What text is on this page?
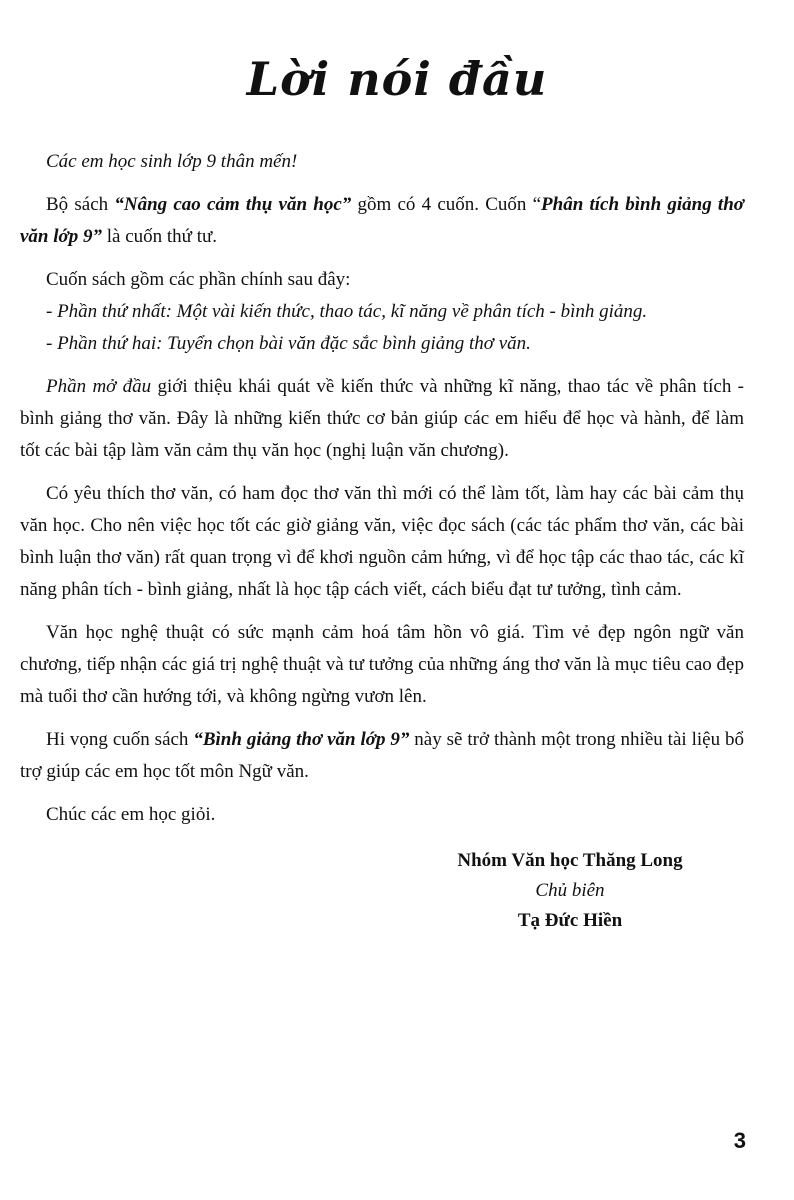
Lời nói đầu

Các em học sinh lớp 9 thân mến!

Bộ sách “Nâng cao cảm thụ văn học” gồm có 4 cuốn. Cuốn “Phân tích bình giảng thơ văn lớp 9” là cuốn thứ tư.

Cuốn sách gồm các phần chính sau đây:

- Phần thứ nhất: Một vài kiến thức, thao tác, kĩ năng về phân tích - bình giảng.

- Phần thứ hai: Tuyển chọn bài văn đặc sắc bình giảng thơ văn.

Phần mở đầu giới thiệu khái quát về kiến thức và những kĩ năng, thao tác về phân tích - bình giảng thơ văn. Đây là những kiến thức cơ bản giúp các em hiểu để học và hành, để làm tốt các bài tập làm văn cảm thụ văn học (nghị luận văn chương).

Có yêu thích thơ văn, có ham đọc thơ văn thì mới có thể làm tốt, làm hay các bài cảm thụ văn học. Cho nên việc học tốt các giờ giảng văn, việc đọc sách (các tác phẩm thơ văn, các bài bình luận thơ văn) rất quan trọng vì để khơi nguồn cảm hứng, vì để học tập các thao tác, các kĩ năng phân tích - bình giảng, nhất là học tập cách viết, cách biểu đạt tư tưởng, tình cảm.

Văn học nghệ thuật có sức mạnh cảm hoá tâm hồn vô giá. Tìm vẻ đẹp ngôn ngữ văn chương, tiếp nhận các giá trị nghệ thuật và tư tưởng của những áng thơ văn là mục tiêu cao đẹp mà tuổi thơ cần hướng tới, và không ngừng vươn lên.

Hi vọng cuốn sách “Bình giảng thơ văn lớp 9” này sẽ trở thành một trong nhiều tài liệu bổ trợ giúp các em học tốt môn Ngữ văn.

Chúc các em học giỏi.

Nhóm Văn học Thăng Long
Chủ biên
Tạ Đức Hiền
3
